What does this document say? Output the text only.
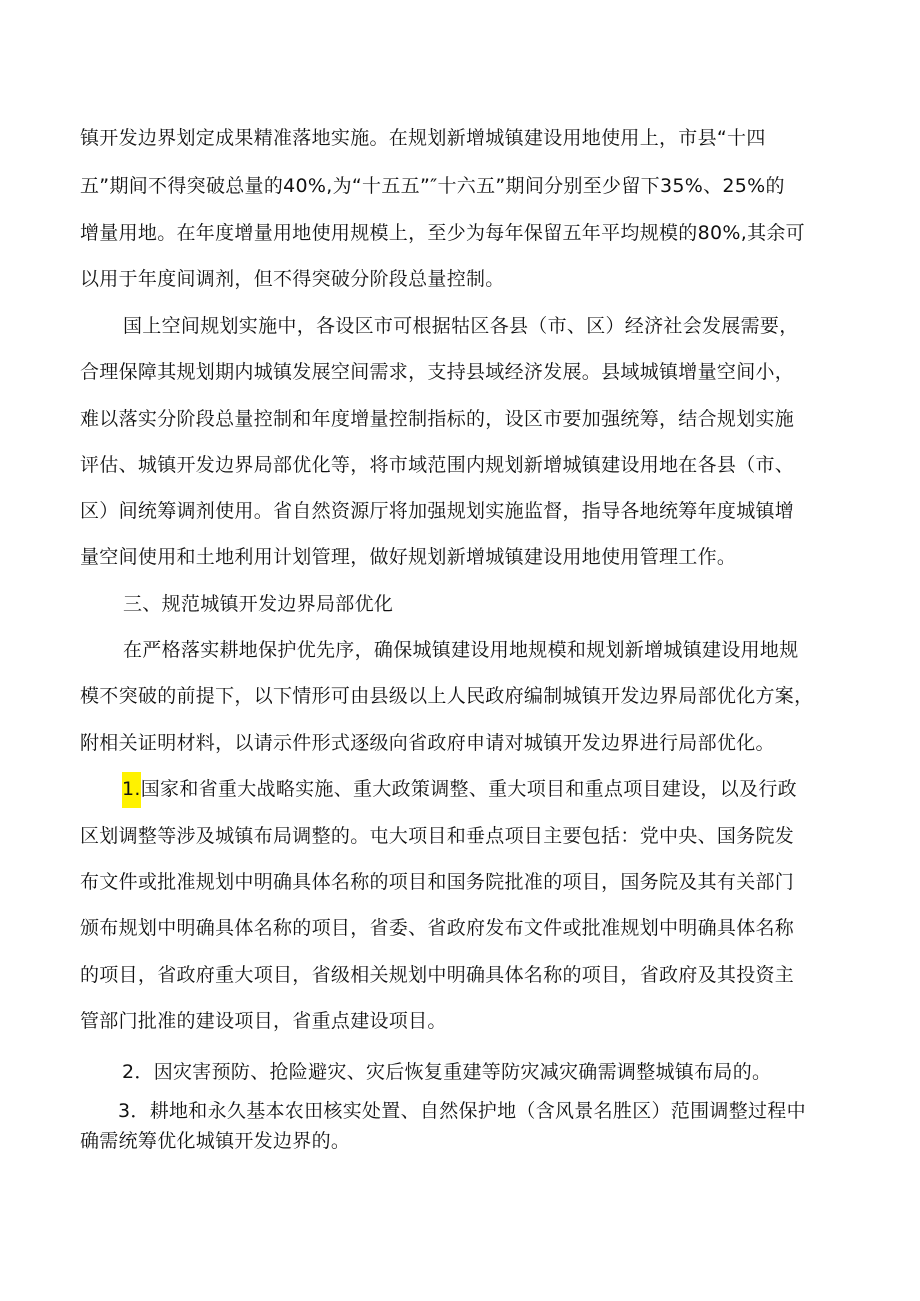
镇开发边界划定成果精准落地实施。在规划新增城镇建设用地使用上，市县“十四
五”期间不得突破总量的40%,为“十五五”″十六五”期间分别至少留下35%、25%的
增量用地。在年度增量用地使用规模上，至少为每年保留五年平均规模的80%,其余可
以用于年度间调剂，但不得突破分阶段总量控制。
国上空间规划实施中，各设区市可根据牯区各县（市、区）经济社会发展需要，
合理保障其规划期内城镇发展空间需求，支持县域经济发展。县域城镇增量空间小，
难以落实分阶段总量控制和年度增量控制指标的，设区市要加强统筹，结合规划实施
评估、城镇开发边界局部优化等，将市域范围内规划新增城镇建设用地在各县（市、
区）间统筹调剂使用。省自然资源厅将加强规划实施监督，指导各地统筹年度城镇增
量空间使用和土地利用计划管理，做好规划新增城镇建设用地使用管理工作。
三、规范城镇开发边界局部优化
在严格落实耕地保护优先序，确保城镇建设用地规模和规划新增城镇建设用地规
模不突破的前提下，以下情形可由县级以上人民政府编制城镇开发边界局部优化方案，
附相关证明材料，以请示件形式逐级向省政府申请对城镇开发边界进行局部优化。
1.国家和省重大战略实施、重大政策调整、重大项目和重点项目建设，以及行政
区划调整等涉及城镇布局调整的。屯大项目和垂点项目主要包括：党中央、国务院发
布文件或批准规划中明确具体名称的项目和国务院批准的项目，国务院及其有关部门
颁布规划中明确具体名称的项目，省委、省政府发布文件或批准规划中明确具体名称
的项目，省政府重大项目，省级相关规划中明确具体名称的项目，省政府及其投资主
管部门批准的建设项目，省重点建设项目。
2．因灾害预防、抢险避灾、灾后恢复重建等防灾减灾确需调整城镇布局的。
3．耕地和永久基本农田核实处置、自然保护地（含风景名胜区）范围调整过程中
确需统筹优化城镇开发边界的。
